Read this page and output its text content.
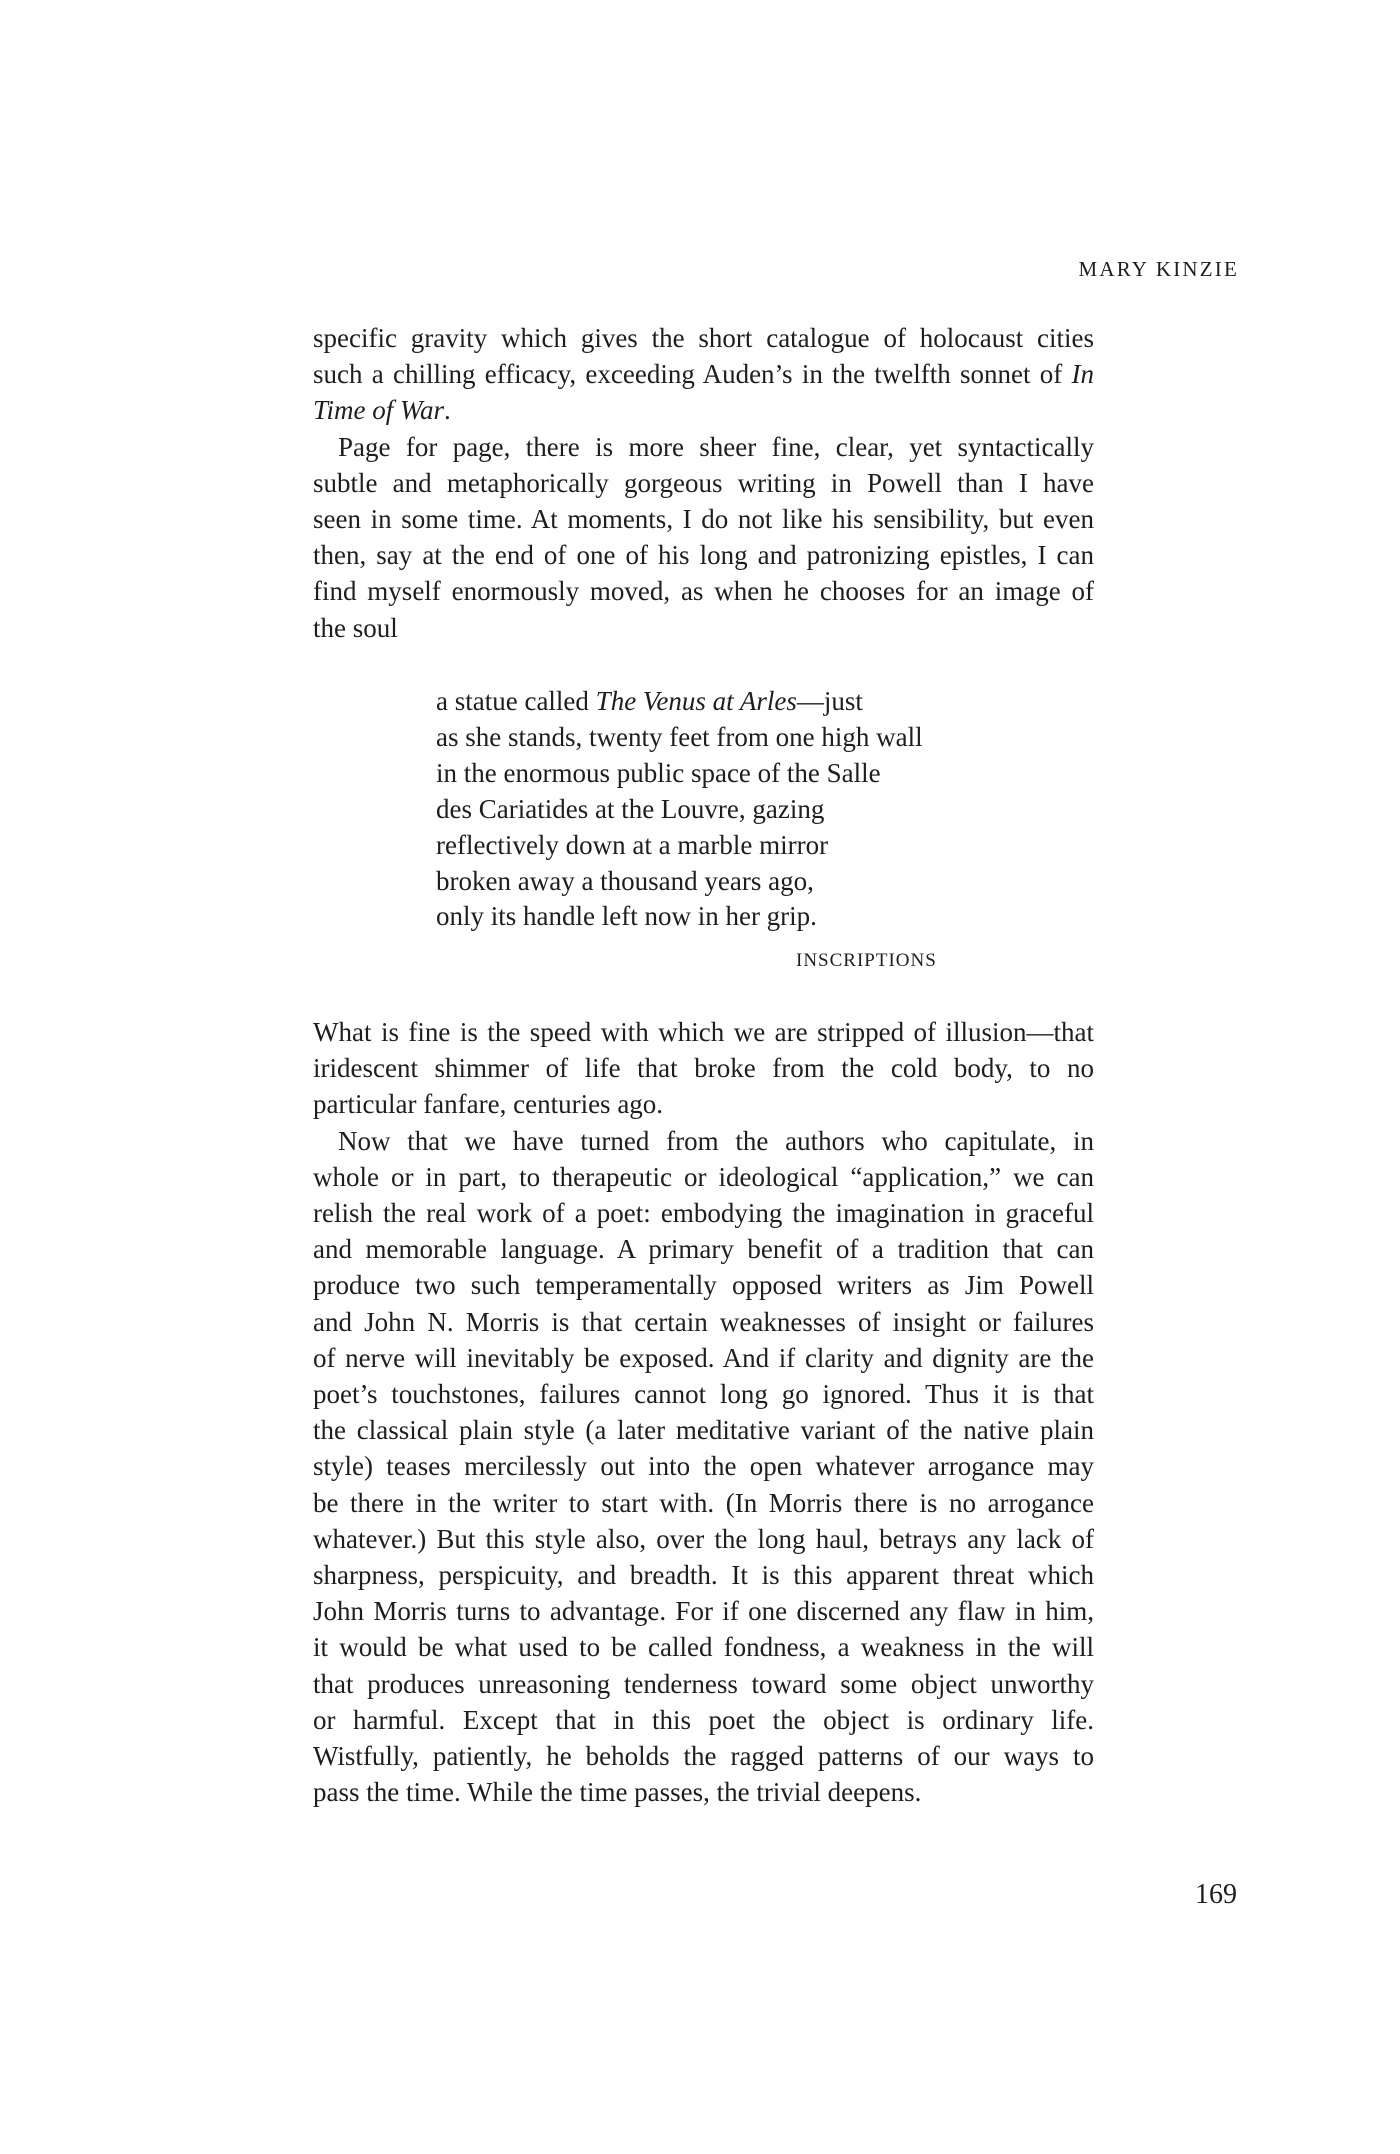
MARY KINZIE
specific gravity which gives the short catalogue of holocaust cities
such a chilling efficacy, exceeding Auden’s in the twelfth sonnet of In
Time of War.
Page for page, there is more sheer fine, clear, yet syntactically
subtle and metaphorically gorgeous writing in Powell than I have
seen in some time. At moments, I do not like his sensibility, but even
then, say at the end of one of his long and patronizing epistles, I can
find myself enormously moved, as when he chooses for an image of
the soul
a statue called The Venus at Arles—just
as she stands, twenty feet from one high wall
in the enormous public space of the Salle
des Cariatides at the Louvre, gazing
reflectively down at a marble mirror
broken away a thousand years ago,
only its handle left now in her grip.
INSCRIPTIONS
What is fine is the speed with which we are stripped of illusion—that
iridescent shimmer of life that broke from the cold body, to no
particular fanfare, centuries ago.
Now that we have turned from the authors who capitulate, in
whole or in part, to therapeutic or ideological “application,” we can
relish the real work of a poet: embodying the imagination in graceful
and memorable language. A primary benefit of a tradition that can
produce two such temperamentally opposed writers as Jim Powell
and John N. Morris is that certain weaknesses of insight or failures
of nerve will inevitably be exposed. And if clarity and dignity are the
poet’s touchstones, failures cannot long go ignored. Thus it is that
the classical plain style (a later meditative variant of the native plain
style) teases mercilessly out into the open whatever arrogance may
be there in the writer to start with. (In Morris there is no arrogance
whatever.) But this style also, over the long haul, betrays any lack of
sharpness, perspicuity, and breadth. It is this apparent threat which
John Morris turns to advantage. For if one discerned any flaw in him,
it would be what used to be called fondness, a weakness in the will
that produces unreasoning tenderness toward some object unworthy
or harmful. Except that in this poet the object is ordinary life.
Wistfully, patiently, he beholds the ragged patterns of our ways to
pass the time. While the time passes, the trivial deepens.
169
